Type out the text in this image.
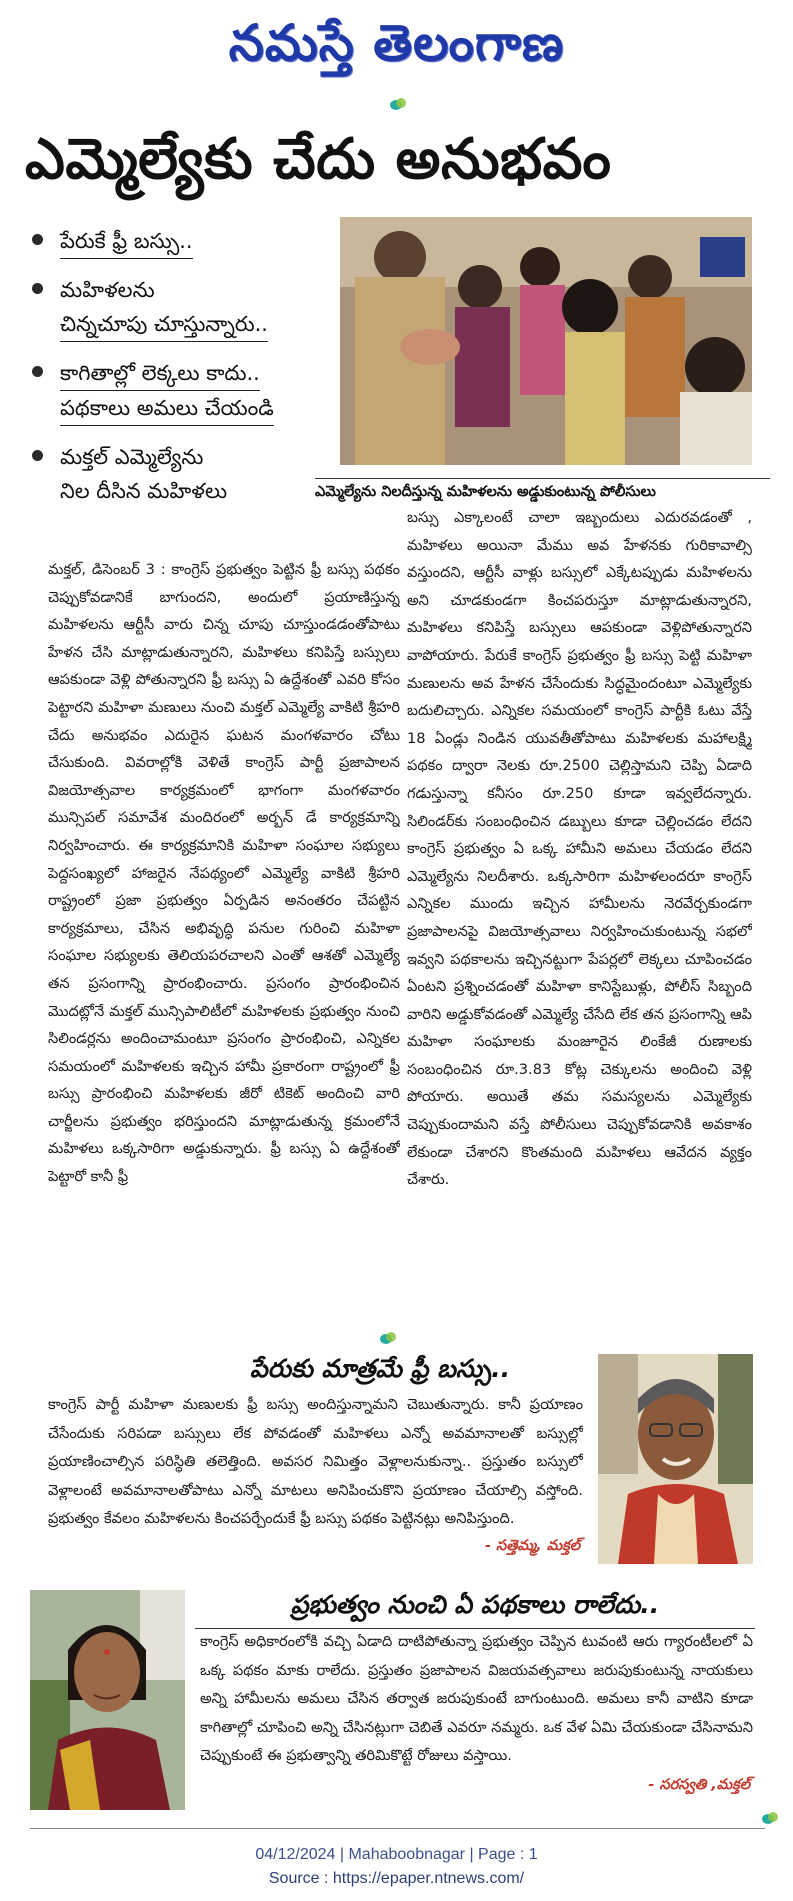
నమస్తే తెలంగాణ
ఎమ్మెల్యేకు చేదు అనుభవం
పేరుకే ఫ్రీ బస్సు..
మహిళలను
చిన్నచూపు చూస్తున్నారు..
కాగితాల్లో లెక్కలు కాదు..
పథకాలు అమలు చేయండి
మక్తల్ ఎమ్మెల్యేను
నిల దీసిన మహిళలు	ఎమ్మెల్యేను నిలదీస్తున్న మహిళలను అడ్డుకుంటున్న పోలీసులు
మక్తల్, డిసెంబర్ 3 : కాంగ్రెస్ ప్రభుత్వం పెట్టిన ఫ్రీ బస్సు పథకం చెప్పుకోవడానికే బాగుందని, అందులో ప్రయాణిస్తున్న మహిళలను ఆర్టీసీ వారు చిన్న చూపు చూస్తుండడంతోపాటు హేళన చేసి మాట్లాడుతున్నారని, మహిళలు కనిపిస్తే బస్సులు ఆపకుండా వెళ్లి పోతున్నారని ఫ్రీ బస్సు ఏ ఉద్దేశంతో ఎవరి కోసం పెట్టారని మహిళా మణులు నుంచి మక్తల్ ఎమ్మెల్యే వాకిటి శ్రీహరి చేదు అనుభవం ఎదురైన ఘటన మంగళవారం చోటు చేసుకుంది. వివరాల్లోకి వెళితే కాంగ్రెస్ పార్టీ ప్రజాపాలన విజయోత్సవాల కార్యక్రమంలో భాగంగా మంగళవారం మున్సిపల్ సమావేశ మందిరంలో అర్బన్ డే కార్యక్రమాన్ని నిర్వహించారు. ఈ కార్యక్రమానికి మహిళా సంఘాల సభ్యులు పెద్దసంఖ్యలో హాజరైన నేపథ్యంలో ఎమ్మెల్యే వాకిటి శ్రీహరి రాష్ట్రంలో ప్రజా ప్రభుత్వం ఏర్పడిన అనంతరం చేపట్టిన కార్యక్రమాలు, చేసిన అభివృద్ధి పనుల గురించి మహిళా సంఘాల సభ్యులకు తెలియపరచాలని ఎంతో ఆశతో ఎమ్మెల్యే తన ప్రసంగాన్ని ప్రారంభించారు. ప్రసంగం ప్రారంభించిన మొదట్లోనే మక్తల్ మున్సిపాలిటీలో మహిళలకు ప్రభుత్వం నుంచి సిలిండర్లను అందించామంటూ ప్రసంగం ప్రారంభించి, ఎన్నికల సమయంలో మహిళలకు ఇచ్చిన హామీ ప్రకారంగా రాష్ట్రంలో ఫ్రీ బస్సు ప్రారంభించి మహిళలకు జీరో టికెట్ అందించి వారి చార్జీలను ప్రభుత్వం భరిస్తుందని మాట్లాడుతున్న క్రమంలోనే మహిళలు ఒక్కసారిగా అడ్డుకున్నారు. ఫ్రీ బస్సు ఏ ఉద్దేశంతో పెట్టారో కానీ ఫ్రీ
బస్సు ఎక్కాలంటే చాలా ఇబ్బందులు ఎదురవడంతో , మహిళలు అయినా మేము అవ హేళనకు గురికావాల్సి వస్తుందని, ఆర్టీసీ వాళ్లు బస్సులో ఎక్కేటప్పుడు మహిళలను అని చూడకుండగా కించపరుస్తూ మాట్లాడుతున్నారని, మహిళలు కనిపిస్తే బస్సులు ఆపకుండా వెళ్లిపోతున్నారని వాపోయారు. పేరుకే కాంగ్రెస్ ప్రభుత్వం ఫ్రీ బస్సు పెట్టి మహిళా మణులను అవ హేళన చేసేందుకు సిద్ధమైందంటూ ఎమ్మెల్యేకు బదులిచ్చారు. ఎన్నికల సమయంలో కాంగ్రెస్ పార్టీకి ఓటు వేస్తే 18 ఏండ్లు నిండిన యువతీతోపాటు మహిళలకు మహాలక్ష్మి పథకం ద్వారా నెలకు రూ.2500 చెల్లిస్తామని చెప్పి ఏడాది గడుస్తున్నా కనీసం రూ.250 కూడా ఇవ్వలేదన్నారు. సిలిండర్‌కు సంబంధించిన డబ్బులు కూడా చెల్లించడం లేదని కాంగ్రెస్ ప్రభుత్వం ఏ ఒక్క హామీని అమలు చేయడం లేదని ఎమ్మెల్యేను నిలదీశారు. ఒక్కసారిగా మహిళలందరూ కాంగ్రెస్ ఎన్నికల ముందు ఇచ్చిన హామీలను నెరవేర్చకుండగా ప్రజాపాలనపై విజయోత్సవాలు నిర్వహించుకుంటున్న సభలో ఇవ్వని పథకాలను ఇచ్చినట్టుగా పేపర్లలో లెక్కలు చూపించడం ఏంటని ప్రశ్నించడంతో మహిళా కానిస్టేబుళ్లు, పోలీస్ సిబ్బంది వారిని అడ్డుకోవడంతో ఎమ్మెల్యే చేసేది లేక తన ప్రసంగాన్ని ఆపి మహిళా సంఘాలకు మంజూరైన లింకేజీ రుణాలకు సంబంధించిన రూ.3.83 కోట్ల చెక్కులను అందించి వెళ్లి పోయారు. అయితే తమ సమస్యలను ఎమ్మెల్యేకు చెప్పుకుందామని వస్తే పోలీసులు చెప్పుకోవడానికి అవకాశం లేకుండా చేశారని కొంతమంది మహిళలు ఆవేదన వ్యక్తం చేశారు.
పేరుకు మాత్రమే ఫ్రీ బస్సు..
కాంగ్రెస్ పార్టీ మహిళా మణులకు ఫ్రీ బస్సు అందిస్తున్నామని చెబుతున్నారు. కానీ ప్రయాణం చేసేందుకు సరిపడా బస్సులు లేక పోవడంతో మహిళలు ఎన్నో అవమానాలతో బస్సుల్లో ప్రయాణించాల్సిన పరిస్థితి తలెత్తింది. అవసర నిమిత్తం వెళ్లాలనుకున్నా.. ప్రస్తుతం బస్సులో వెళ్లాలంటే అవమానాలతోపాటు ఎన్నో మాటలు అనిపించుకొని ప్రయాణం చేయాల్సి వస్తోంది. ప్రభుత్వం కేవలం మహిళలను కించపర్చేందుకే ఫ్రీ బస్సు పథకం పెట్టినట్లు అనిపిస్తుంది.
- సత్తెమ్మ, మక్తల్
ప్రభుత్వం నుంచి ఏ పథకాలు రాలేదు..
కాంగ్రెస్ అధికారంలోకి వచ్చి ఏడాది దాటిపోతున్నా ప్రభుత్వం చెప్పిన టువంటి ఆరు గ్యారంటీలలో ఏ ఒక్క పథకం మాకు రాలేదు. ప్రస్తుతం ప్రజాపాలన విజయవత్సవాలు జరుపుకుంటున్న నాయకులు అన్ని హామీలను అమలు చేసిన తర్వాత జరుపుకుంటే బాగుంటుంది. అమలు కానీ వాటిని కూడా కాగితాల్లో చూపించి అన్ని చేసినట్లుగా చెబితే ఎవరూ నమ్మరు. ఒక వేళ ఏమి చేయకుండా చేసినామని చెప్పుకుంటే ఈ ప్రభుత్వాన్ని తరిమికొట్టే రోజులు వస్తాయి.
- సరస్వతి ,మక్తల్
04/12/2024 | Mahaboobnagar | Page : 1
Source : https://epaper.ntnews.com/
